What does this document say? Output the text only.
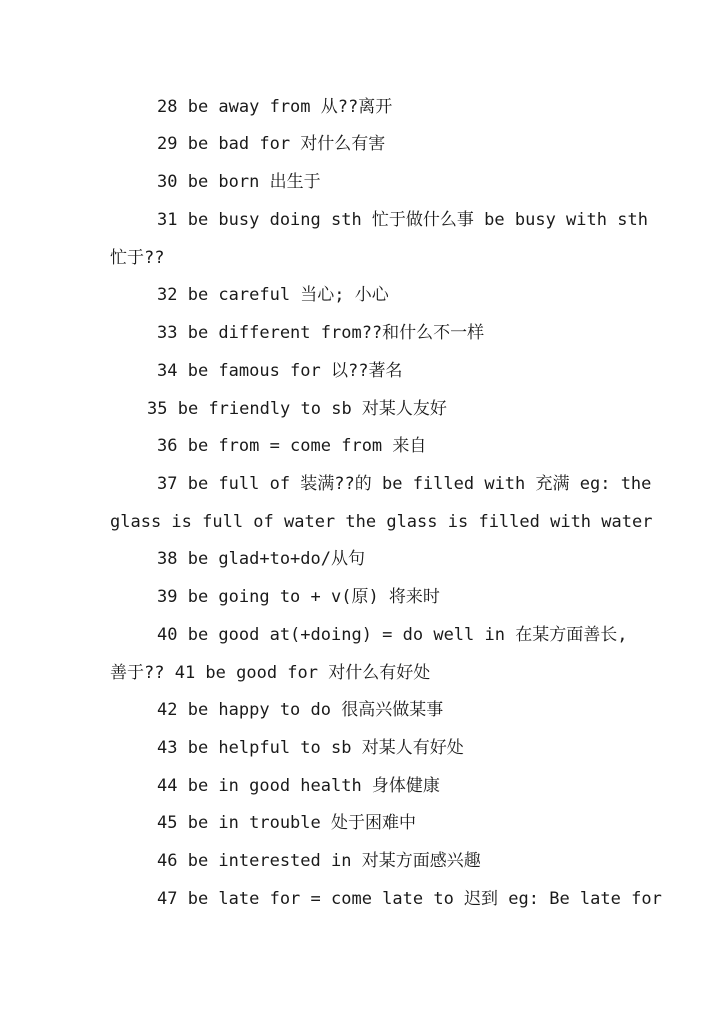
28 be away from 从??离开
29 be bad for 对什么有害
30 be born 出生于
31 be busy doing sth 忙于做什么事 be busy with sth
忙于??
32 be careful 当心; 小心
33 be different from??和什么不一样
34 be famous for 以??著名
35 be friendly to sb 对某人友好
36 be from = come from 来自
37 be full of 装满??的 be filled with 充满 eg: the
glass is full of water the glass is filled with water
38 be glad+to+do/从句
39 be going to + v(原) 将来时
40 be good at(+doing) = do well in 在某方面善长,
善于?? 41 be good for 对什么有好处
42 be happy to do 很高兴做某事
43 be helpful to sb 对某人有好处
44 be in good health 身体健康
45 be in trouble 处于困难中
46 be interested in 对某方面感兴趣
47 be late for = come late to 迟到 eg: Be late for
